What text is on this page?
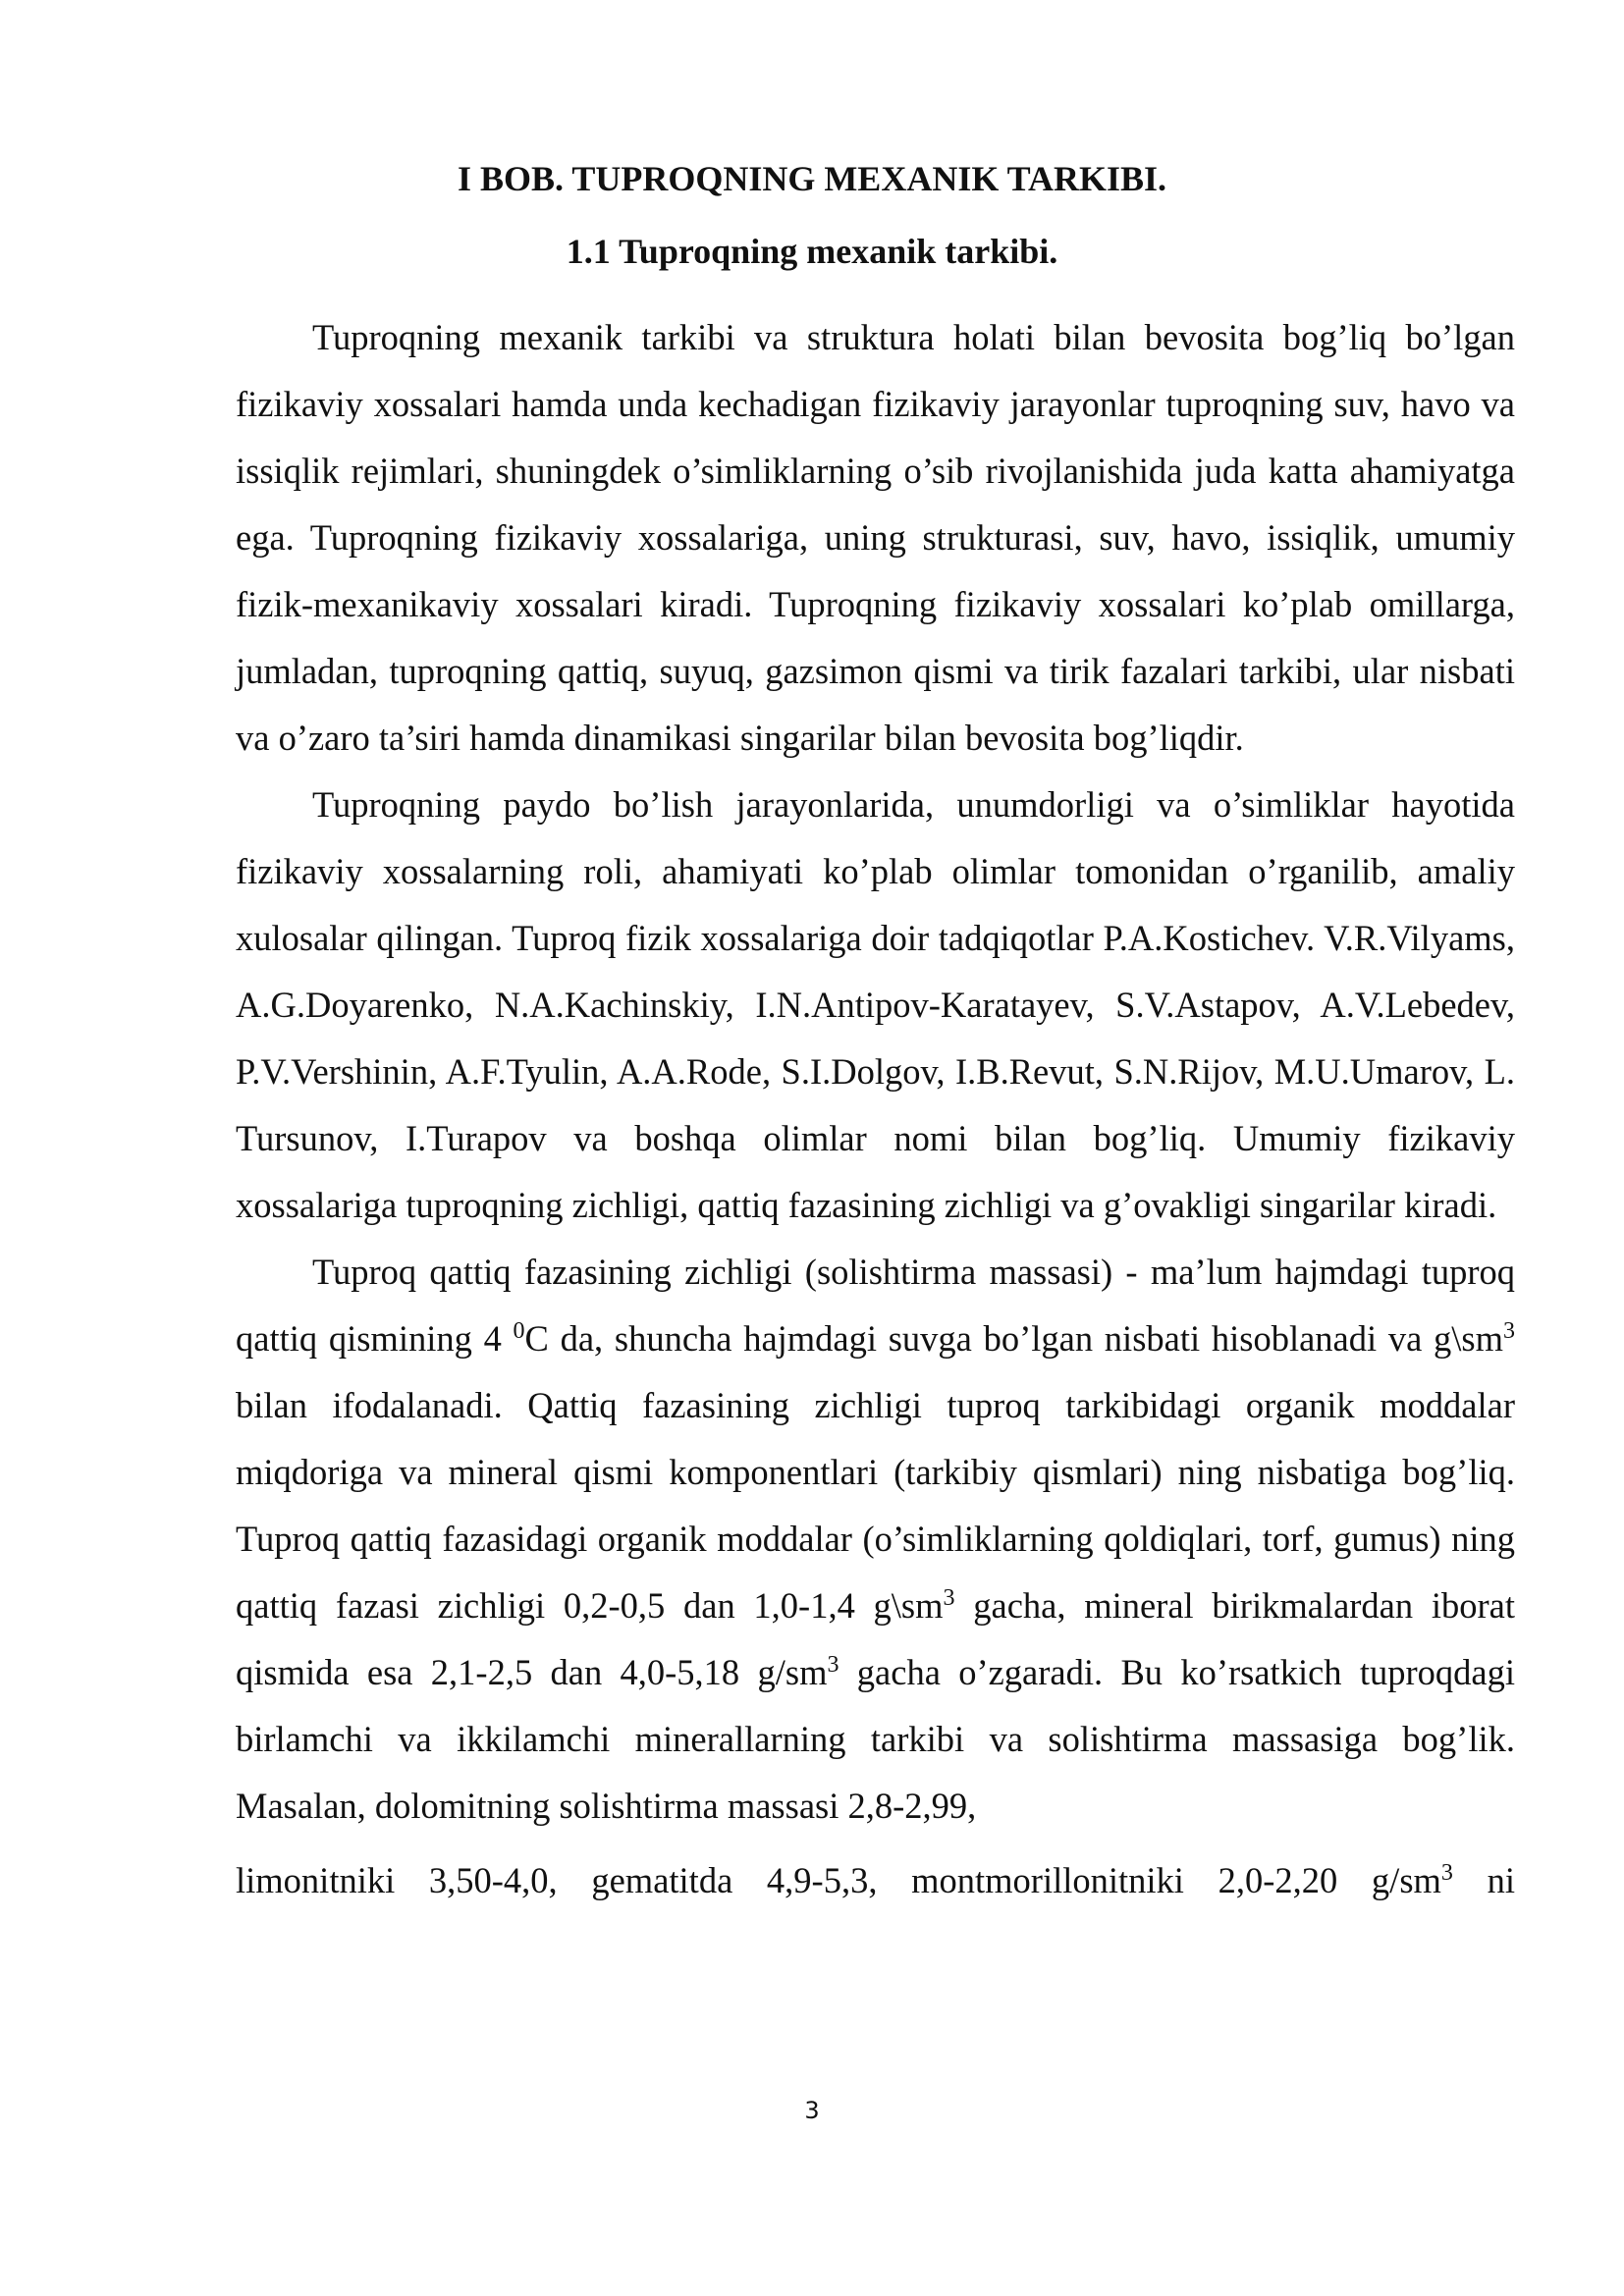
I BOB. TUPROQNING MEXANIK TARKIBI.
1.1 Tuproqning mexanik tarkibi.

Tuproqning mexanik tarkibi va struktura holati bilan bevosita bog’liq bo’lgan fizikaviy xossalari hamda unda kechadigan fizikaviy jarayonlar tuproqning suv, havo va issiqlik rejimlari, shuningdek o’simliklarning o’sib rivojlanishida juda katta ahamiyatga ega. Tuproqning fizikaviy xossalariga, uning strukturasi, suv, havo, issiqlik, umumiy fizik-mexanikaviy xossalari kiradi. Tuproqning fizikaviy xossalari ko’plab omillarga, jumladan, tuproqning qattiq, suyuq, gazsimon qismi va tirik fazalari tarkibi, ular nisbati va o’zaro ta’siri hamda dinamikasi singarilar bilan bevosita bog’liqdir.

Tuproqning paydo bo’lish jarayonlarida, unumdorligi va o’simliklar hayotida fizikaviy xossalarning roli, ahamiyati ko’plab olimlar tomonidan o’rganilib, amaliy xulosalar qilingan. Tuproq fizik xossalariga doir tadqiqotlar P.A.Kostichev. V.R.Vilyams, A.G.Doyarenko, N.A.Kachinskiy, I.N.Antipov-Karatayev, S.V.Astapov, A.V.Lebedev, P.V.Vershinin, A.F.Tyulin, A.A.Rode, S.I.Dolgov, I.B.Revut, S.N.Rijov, M.U.Umarov, L. Tursunov, I.Turapov va boshqa olimlar nomi bilan bog’liq. Umumiy fizikaviy xossalariga tuproqning zichligi, qattiq fazasining zichligi va g’ovakligi singarilar kiradi.

Tuproq qattiq fazasining zichligi (solishtirma massasi) - ma’lum hajmdagi tuproq qattiq qismining 4 $^0$C da, shuncha hajmdagi suvga bo’lgan nisbati hisoblanadi va $g\backslash sm^3$ bilan ifodalanadi. Qattiq fazasining zichligi tuproq tarkibidagi organik moddalar miqdoriga va mineral qismi komponentlari (tarkibiy qismlari) ning nisbatiga bog’liq. Tuproq qattiq fazasidagi organik moddalar (o’simliklarning qoldiqlari, torf, gumus) ning qattiq fazasi zichligi 0,2-0,5 dan 1,0-1,4 $g\backslash sm^3$ gacha, mineral birikmalardan iborat qismida esa 2,1-2,5 dan 4,0-5,18 $g/sm^3$ gacha o’zgaradi. Bu ko’rsatkich tuproqdagi birlamchi va ikkilamchi minerallarning tarkibi va solishtirma massasiga bog’lik. Masalan, dolomitning solishtirma massasi 2,8-2,99,

limonitniki 3,50-4,0, gematitda 4,9-5,3, montmorillonitniki 2,0-2,20 $g/sm^3$ ni

3
